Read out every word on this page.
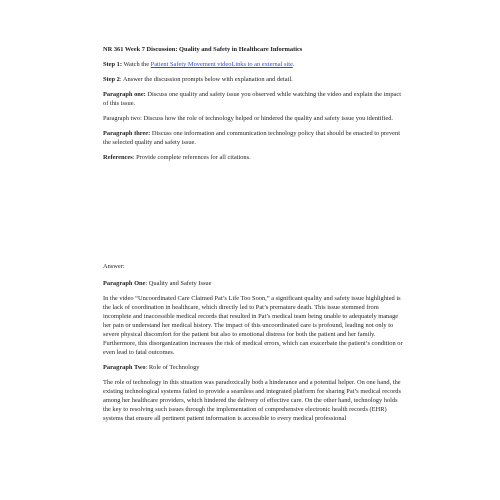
NR 361 Week 7 Discussion: Quality and Safety in Healthcare Informatics
Step 1: Watch the Patient Safety Movement videoLinks to an external site.
Step 2: Answer the discussion prompts below with explanation and detail.
Paragraph one: Discuss one quality and safety issue you observed while watching the video and explain the impact of this issue.
Paragraph two: Discuss how the role of technology helped or hindered the quality and safety issue you identified.
Paragraph three: Discuss one information and communication technology policy that should be enacted to prevent the selected quality and safety issue.
References: Provide complete references for all citations.
Answer:
Paragraph One: Quality and Safety Issue
In the video “Uncoordinated Care Claimed Pat’s Life Too Soon,” a significant quality and safety issue highlighted is the lack of coordination in healthcare, which directly led to Pat’s premature death. This issue stemmed from incomplete and inaccessible medical records that resulted in Pat’s medical team being unable to adequately manage her pain or understand her medical history. The impact of this uncoordinated care is profound, leading not only to severe physical discomfort for the patient but also to emotional distress for both the patient and her family. Furthermore, this disorganization increases the risk of medical errors, which can exacerbate the patient’s condition or even lead to fatal outcomes.
Paragraph Two: Role of Technology
The role of technology in this situation was paradoxically both a hinderance and a potential helper. On one hand, the existing technological systems failed to provide a seamless and integrated platform for sharing Pat’s medical records among her healthcare providers, which hindered the delivery of effective care. On the other hand, technology holds the key to resolving such issues through the implementation of comprehensive electronic health records (EHR) systems that ensure all pertinent patient information is accessible to every medical professional
